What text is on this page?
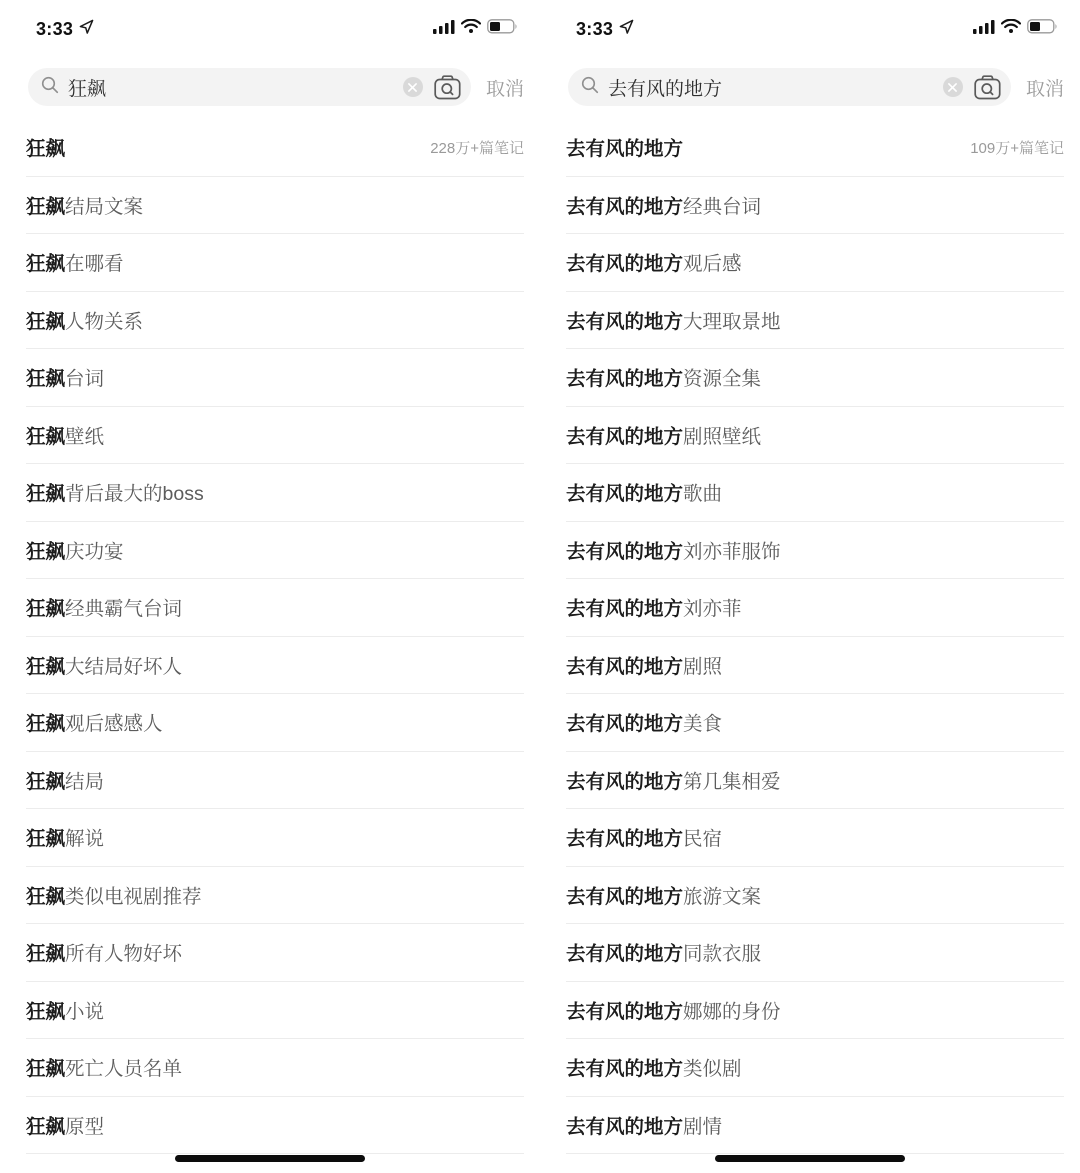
3:33
狂飙	取消
狂飙	228万+篇笔记
狂飙结局文案
狂飙在哪看
狂飙人物关系
狂飙台词
狂飙壁纸
狂飙背后最大的boss
狂飙庆功宴
狂飙经典霸气台词
狂飙大结局好坏人
狂飙观后感感人
狂飙结局
狂飙解说
狂飙类似电视剧推荐
狂飙所有人物好坏
狂飙小说
狂飙死亡人员名单
狂飙原型
3:33
去有风的地方	取消
去有风的地方	109万+篇笔记
去有风的地方经典台词
去有风的地方观后感
去有风的地方大理取景地
去有风的地方资源全集
去有风的地方剧照壁纸
去有风的地方歌曲
去有风的地方刘亦菲服饰
去有风的地方刘亦菲
去有风的地方剧照
去有风的地方美食
去有风的地方第几集相爱
去有风的地方民宿
去有风的地方旅游文案
去有风的地方同款衣服
去有风的地方娜娜的身份
去有风的地方类似剧
去有风的地方剧情
